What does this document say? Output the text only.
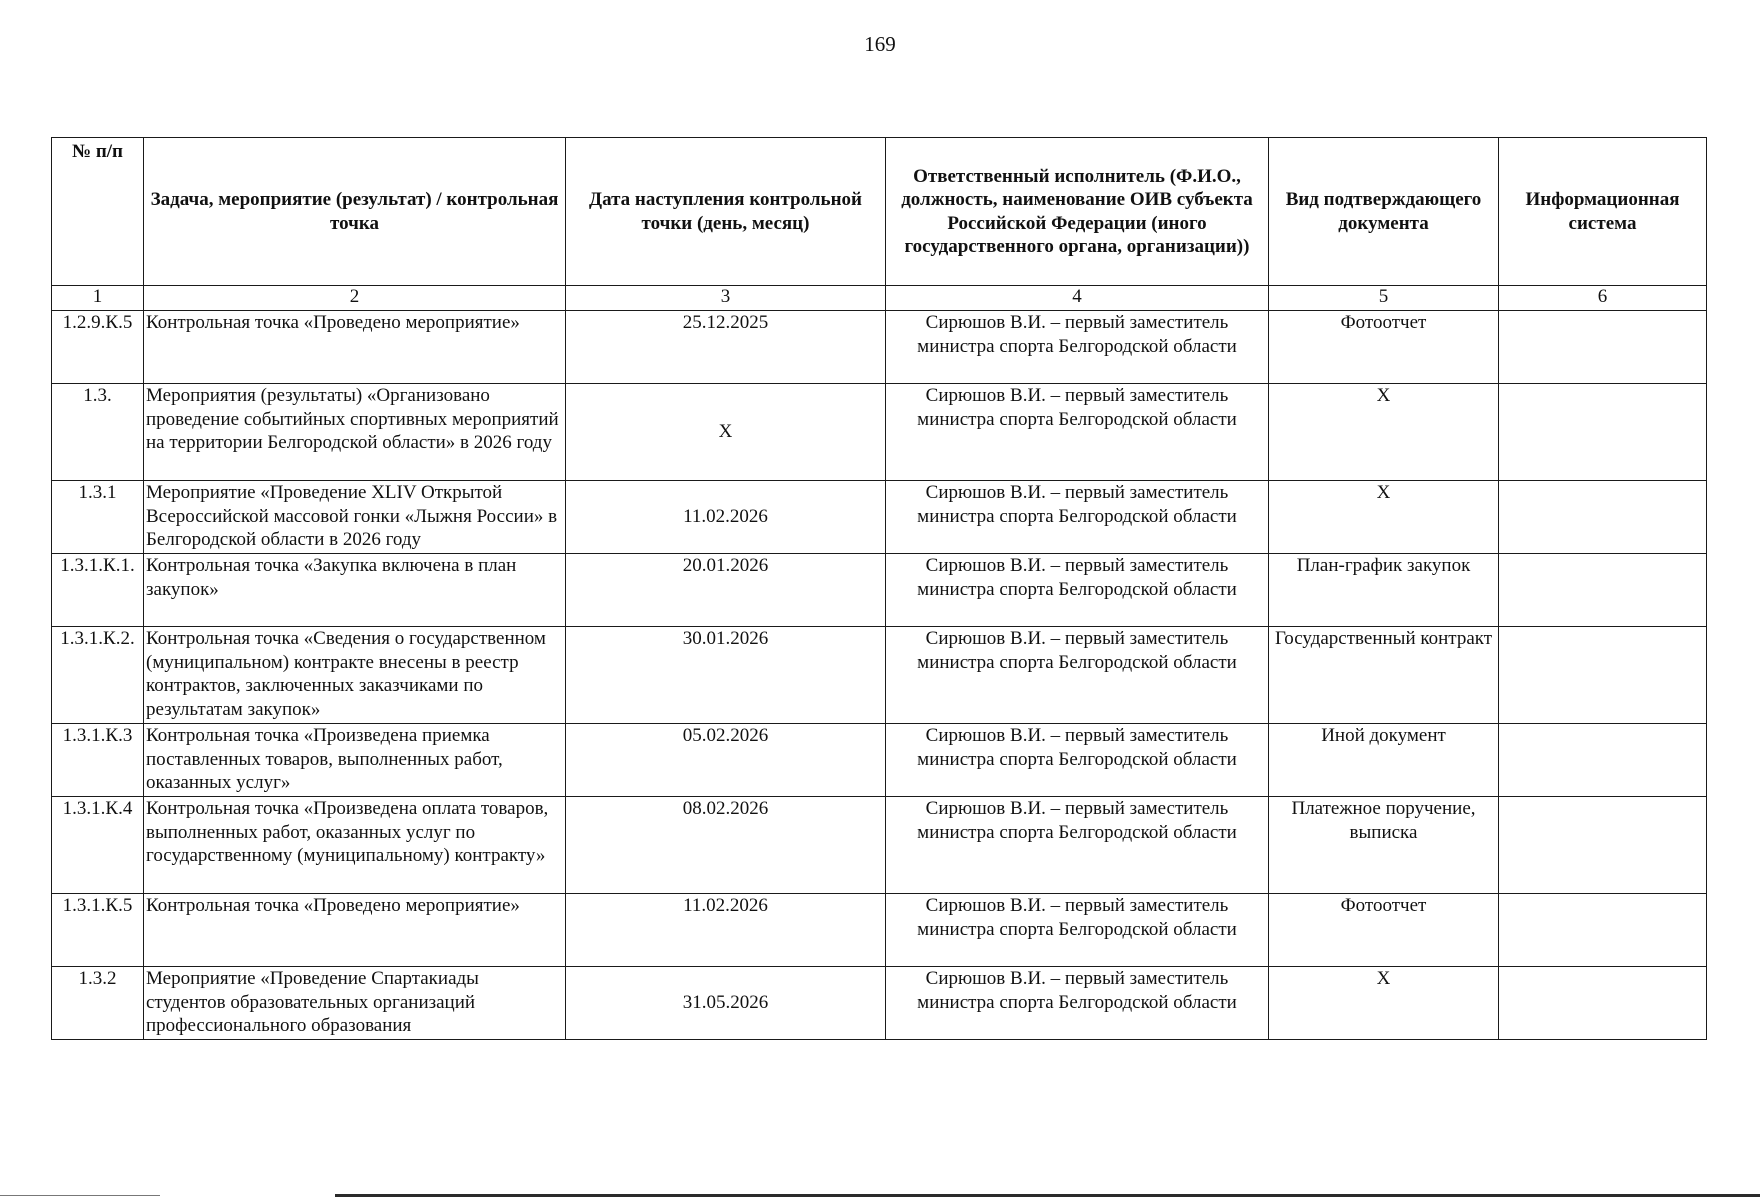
169
№ п/п	Задача, мероприятие (результат) / контрольная точка	Дата наступления контрольной точки (день, месяц)	Ответственный исполнитель (Ф.И.О., должность, наименование ОИВ субъекта Российской Федерации (иного государственного органа, организации))	Вид подтверждающего документа	Информационная система
1	2	3	4	5	6
1.2.9.К.5	Контрольная точка «Проведено мероприятие»	25.12.2025	Сирюшов В.И. – первый заместитель министра спорта Белгородской области	Фотоотчет	
1.3.	Мероприятия (результаты) «Организовано проведение событийных спортивных мероприятий на территории Белгородской области» в 2026 году	X	Сирюшов В.И. – первый заместитель министра спорта Белгородской области	X	
1.3.1	Мероприятие «Проведение XLIV Открытой Всероссийской массовой гонки «Лыжня России» в Белгородской области в 2026 году	11.02.2026	Сирюшов В.И. – первый заместитель министра спорта Белгородской области	X	
1.3.1.К.1.	Контрольная точка «Закупка включена в план закупок»	20.01.2026	Сирюшов В.И. – первый заместитель министра спорта Белгородской области	План-график закупок	
1.3.1.К.2.	Контрольная точка «Сведения о государственном (муниципальном) контракте внесены в реестр контрактов, заключенных заказчиками по результатам закупок»	30.01.2026	Сирюшов В.И. – первый заместитель министра спорта Белгородской области	Государственный контракт	
1.3.1.К.3	Контрольная точка «Произведена приемка поставленных товаров, выполненных работ, оказанных услуг»	05.02.2026	Сирюшов В.И. – первый заместитель министра спорта Белгородской области	Иной документ	
1.3.1.К.4	Контрольная точка «Произведена оплата товаров, выполненных работ, оказанных услуг по государственному (муниципальному) контракту»	08.02.2026	Сирюшов В.И. – первый заместитель министра спорта Белгородской области	Платежное поручение, выписка	
1.3.1.К.5	Контрольная точка «Проведено мероприятие»	11.02.2026	Сирюшов В.И. – первый заместитель министра спорта Белгородской области	Фотоотчет	
1.3.2	Мероприятие «Проведение Спартакиады студентов образовательных организаций профессионального образования	31.05.2026	Сирюшов В.И. – первый заместитель министра спорта Белгородской области	X	
